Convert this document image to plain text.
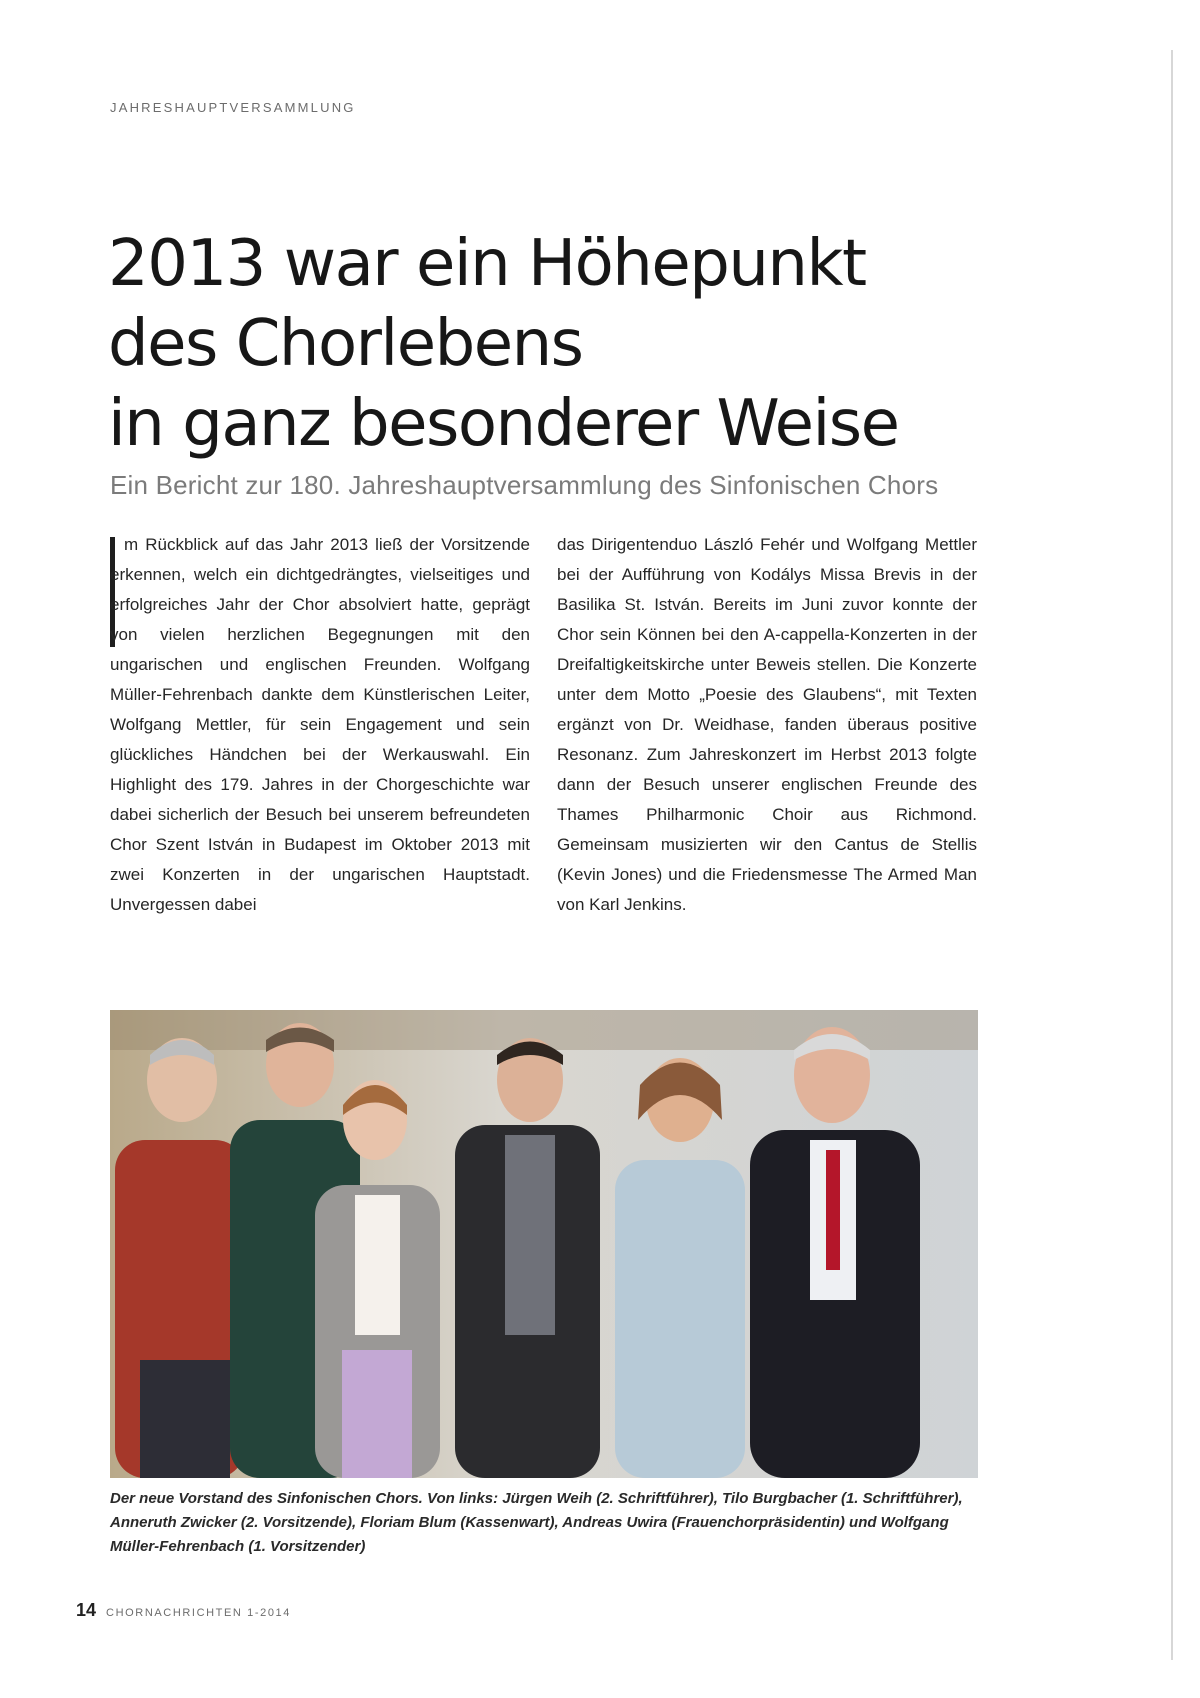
JAHRESHAUPTVERSAMMLUNG
2013 war ein Höhepunkt
des Chorlebens
in ganz besonderer Weise
Ein Bericht zur 180. Jahreshauptversammlung des Sinfonischen Chors

m Rückblick auf das Jahr 2013 ließ der Vorsitzende erkennen, welch ein dichtgedrängtes, vielseitiges und erfolgreiches Jahr der Chor absolviert hatte, geprägt von vielen herzlichen Begegnungen mit den ungarischen und englischen Freunden. Wolfgang Müller-Fehrenbach dankte dem Künstlerischen Leiter, Wolfgang Mettler, für sein Engagement und sein glückliches Händchen bei der Werkauswahl. Ein Highlight des 179. Jahres in der Chorgeschichte war dabei sicherlich der Besuch bei unserem befreundeten Chor Szent István in Budapest im Oktober 2013 mit zwei Konzerten in der ungarischen Hauptstadt. Unvergessen dabei

das Dirigentenduo László Fehér und Wolfgang Mettler bei der Aufführung von Kodálys Missa Brevis in der Basilika St. István. Bereits im Juni zuvor konnte der Chor sein Können bei den A-cappella-Konzerten in der Dreifaltigkeitskirche unter Beweis stellen. Die Konzerte unter dem Motto „Poesie des Glaubens“, mit Texten ergänzt von Dr. Weidhase, fanden überaus positive Resonanz. Zum Jahreskonzert im Herbst 2013 folgte dann der Besuch unserer englischen Freunde des Thames Philharmonic Choir aus Richmond. Gemeinsam musizierten wir den Cantus de Stellis (Kevin Jones) und die Friedensmesse The Armed Man von Karl Jenkins.

Der neue Vorstand des Sinfonischen Chors. Von links: Jürgen Weih (2. Schriftführer), Tilo Burgbacher (1. Schriftführer), Anneruth Zwicker (2. Vorsitzende), Floriam Blum (Kassenwart), Andreas Uwira (Frauenchorpräsidentin) und Wolfgang Müller-Fehrenbach (1. Vorsitzender)

14 CHORNACHRICHTEN 1-2014
